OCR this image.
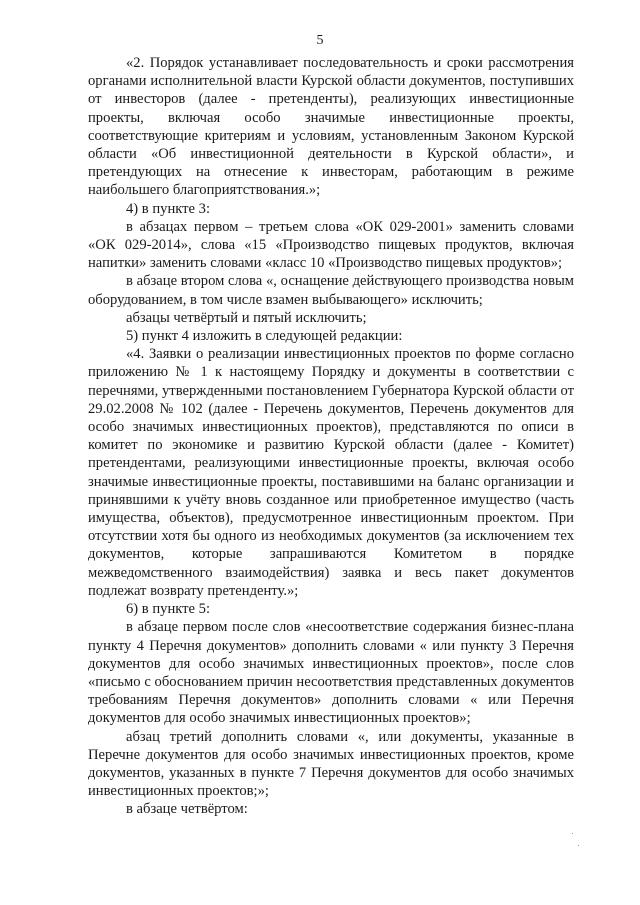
5

«2. Порядок устанавливает последовательность и сроки рассмотрения органами исполнительной власти Курской области документов, поступивших от инвесторов (далее - претенденты), реализующих инвестиционные проекты, включая особо значимые инвестиционные проекты, соответствующие критериям и условиям, установленным Законом Курской области «Об инвестиционной деятельности в Курской области», и претендующих на отнесение к инвесторам, работающим в режиме наибольшего благоприятствования.»;

4) в пункте 3:

в абзацах первом – третьем слова «ОК 029-2001» заменить словами «ОК 029-2014», слова «15 «Производство пищевых продуктов, включая напитки» заменить словами «класс 10 «Производство пищевых продуктов»;

в абзаце втором слова «, оснащение действующего производства новым оборудованием, в том числе взамен выбывающего» исключить;

абзацы четвёртый и пятый исключить;

5) пункт 4 изложить в следующей редакции:

«4. Заявки о реализации инвестиционных проектов по форме согласно приложению № 1 к настоящему Порядку и документы в соответствии с перечнями, утвержденными постановлением Губернатора Курской области от 29.02.2008 № 102 (далее - Перечень документов, Перечень документов для особо значимых инвестиционных проектов), представляются по описи в комитет по экономике и развитию Курской области (далее - Комитет) претендентами, реализующими инвестиционные проекты, включая особо значимые инвестиционные проекты, поставившими на баланс организации и принявшими к учёту вновь созданное или приобретенное имущество (часть имущества, объектов), предусмотренное инвестиционным проектом. При отсутствии хотя бы одного из необходимых документов (за исключением тех документов, которые запрашиваются Комитетом в порядке межведомственного взаимодействия) заявка и весь пакет документов подлежат возврату претенденту.»;

6) в пункте 5:

в абзаце первом после слов «несоответствие содержания бизнес-плана пункту 4 Перечня документов» дополнить словами « или пункту 3 Перечня документов для особо значимых инвестиционных проектов», после слов «письмо с обоснованием причин несоответствия представленных документов требованиям Перечня документов» дополнить словами « или Перечня документов для особо значимых инвестиционных проектов»;

абзац третий дополнить словами «, или документы, указанные в Перечне документов для особо значимых инвестиционных проектов, кроме документов, указанных в пункте 7 Перечня документов для особо значимых инвестиционных проектов;»;

в абзаце четвёртом:
